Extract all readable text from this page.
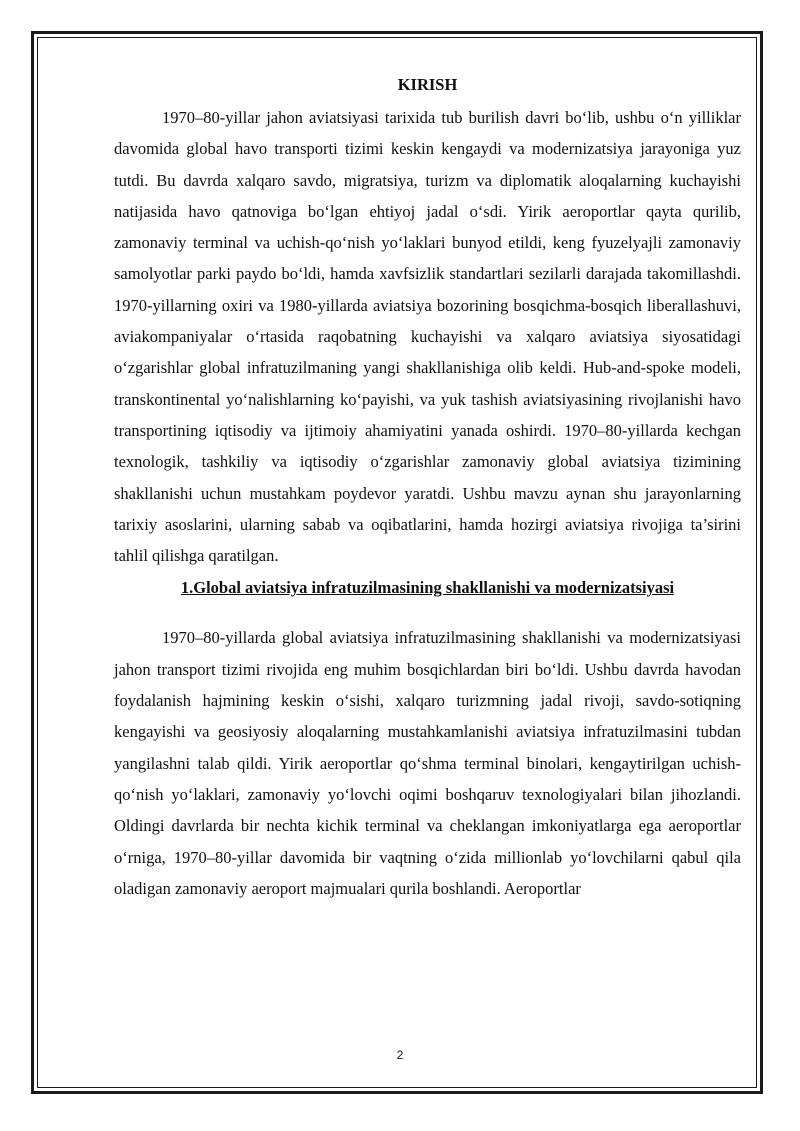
KIRISH

1970–80-yillar jahon aviatsiyasi tarixida tub burilish davri bo‘lib, ushbu o‘n yilliklar davomida global havo transporti tizimi keskin kengaydi va modernizatsiya jarayoniga yuz tutdi. Bu davrda xalqaro savdo, migratsiya, turizm va diplomatik aloqalarning kuchayishi natijasida havo qatnoviga bo‘lgan ehtiyoj jadal o‘sdi. Yirik aeroportlar qayta qurilib, zamonaviy terminal va uchish-qo‘nish yo‘laklari bunyod etildi, keng fyuzelyajli zamonaviy samolyotlar parki paydo bo‘ldi, hamda xavfsizlik standartlari sezilarli darajada takomillashdi. 1970-yillarning oxiri va 1980-yillarda aviatsiya bozorining bosqichma-bosqich liberallashuvi, aviakompaniyalar o‘rtasida raqobatning kuchayishi va xalqaro aviatsiya siyosatidagi o‘zgarishlar global infratuzilmaning yangi shakllanishiga olib keldi. Hub-and-spoke modeli, transkontinental yo‘nalishlarning ko‘payishi, va yuk tashish aviatsiyasining rivojlanishi havo transportining iqtisodiy va ijtimoiy ahamiyatini yanada oshirdi. 1970–80-yillarda kechgan texnologik, tashkiliy va iqtisodiy o‘zgarishlar zamonaviy global aviatsiya tizimining shakllanishi uchun mustahkam poydevor yaratdi. Ushbu mavzu aynan shu jarayonlarning tarixiy asoslarini, ularning sabab va oqibatlarini, hamda hozirgi aviatsiya rivojiga ta’sirini tahlil qilishga qaratilgan.

1.Global aviatsiya infratuzilmasining shakllanishi va modernizatsiyasi

1970–80-yillarda global aviatsiya infratuzilmasining shakllanishi va modernizatsiyasi jahon transport tizimi rivojida eng muhim bosqichlardan biri bo‘ldi. Ushbu davrda havodan foydalanish hajmining keskin o‘sishi, xalqaro turizmning jadal rivoji, savdo-sotiqning kengayishi va geosiyosiy aloqalarning mustahkamlanishi aviatsiya infratuzilmasini tubdan yangilashni talab qildi. Yirik aeroportlar qo‘shma terminal binolari, kengaytirilgan uchish-qo‘nish yo‘laklari, zamonaviy yo‘lovchi oqimi boshqaruv texnologiyalari bilan jihozlandi. Oldingi davrlarda bir nechta kichik terminal va cheklangan imkoniyatlarga ega aeroportlar o‘rniga, 1970–80-yillar davomida bir vaqtning o‘zida millionlab yo‘lovchilarni qabul qila oladigan zamonaviy aeroport majmualari qurila boshlandi. Aeroportlar

2
